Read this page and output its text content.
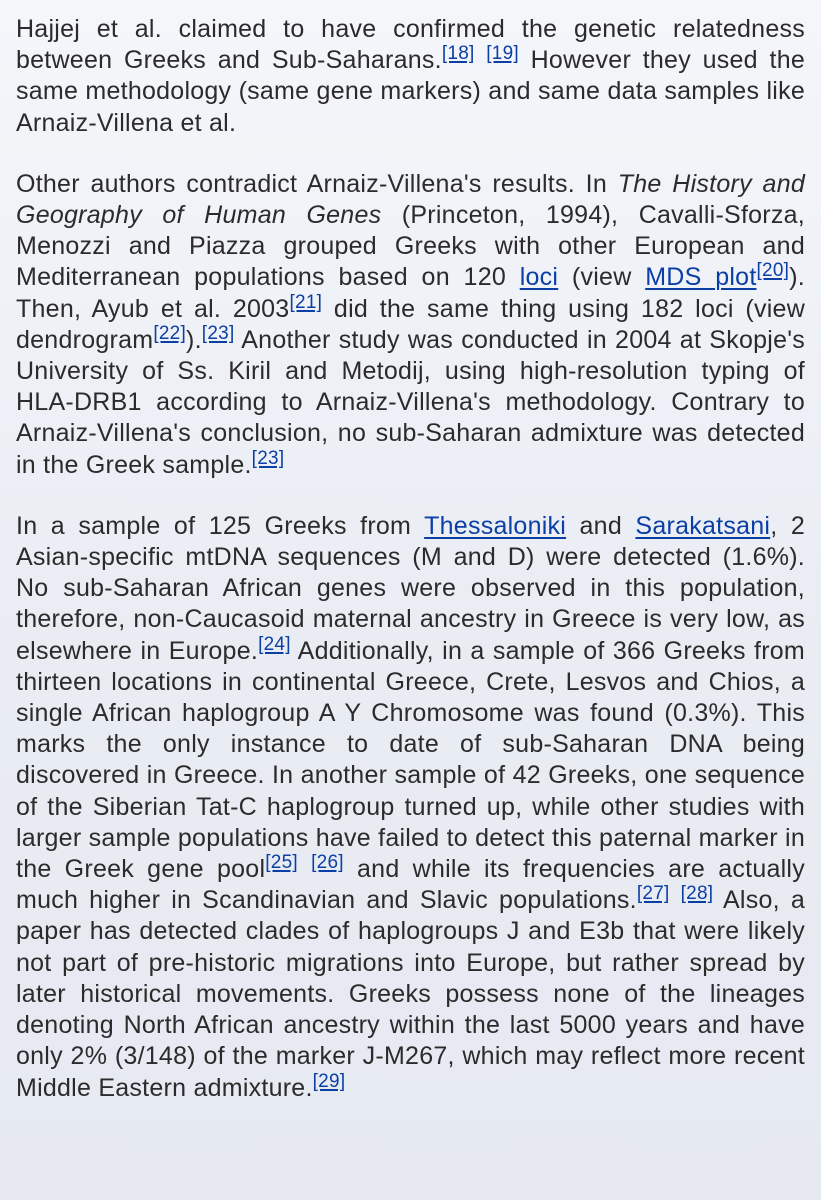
Hajjej et al. claimed to have confirmed the genetic relatedness between Greeks and Sub-Saharans.[18] [19] However they used the same methodology (same gene markers) and same data samples like Arnaiz-Villena et al.

Other authors contradict Arnaiz-Villena's results. In The History and Geography of Human Genes (Princeton, 1994), Cavalli-Sforza, Menozzi and Piazza grouped Greeks with other European and Mediterranean populations based on 120 loci (view MDS plot[20]). Then, Ayub et al. 2003[21] did the same thing using 182 loci (view dendrogram[22]).[23] Another study was conducted in 2004 at Skopje's University of Ss. Kiril and Metodij, using high-resolution typing of HLA-DRB1 according to Arnaiz-Villena's methodology. Contrary to Arnaiz-Villena's conclusion, no sub-Saharan admixture was detected in the Greek sample.[23]

In a sample of 125 Greeks from Thessaloniki and Sarakatsani, 2 Asian-specific mtDNA sequences (M and D) were detected (1.6%). No sub-Saharan African genes were observed in this population, therefore, non-Caucasoid maternal ancestry in Greece is very low, as elsewhere in Europe.[24] Additionally, in a sample of 366 Greeks from thirteen locations in continental Greece, Crete, Lesvos and Chios, a single African haplogroup A Y Chromosome was found (0.3%). This marks the only instance to date of sub-Saharan DNA being discovered in Greece. In another sample of 42 Greeks, one sequence of the Siberian Tat-C haplogroup turned up, while other studies with larger sample populations have failed to detect this paternal marker in the Greek gene pool[25] [26] and while its frequencies are actually much higher in Scandinavian and Slavic populations.[27] [28] Also, a paper has detected clades of haplogroups J and E3b that were likely not part of pre-historic migrations into Europe, but rather spread by later historical movements. Greeks possess none of the lineages denoting North African ancestry within the last 5000 years and have only 2% (3/148) of the marker J-M267, which may reflect more recent Middle Eastern admixture.[29]
